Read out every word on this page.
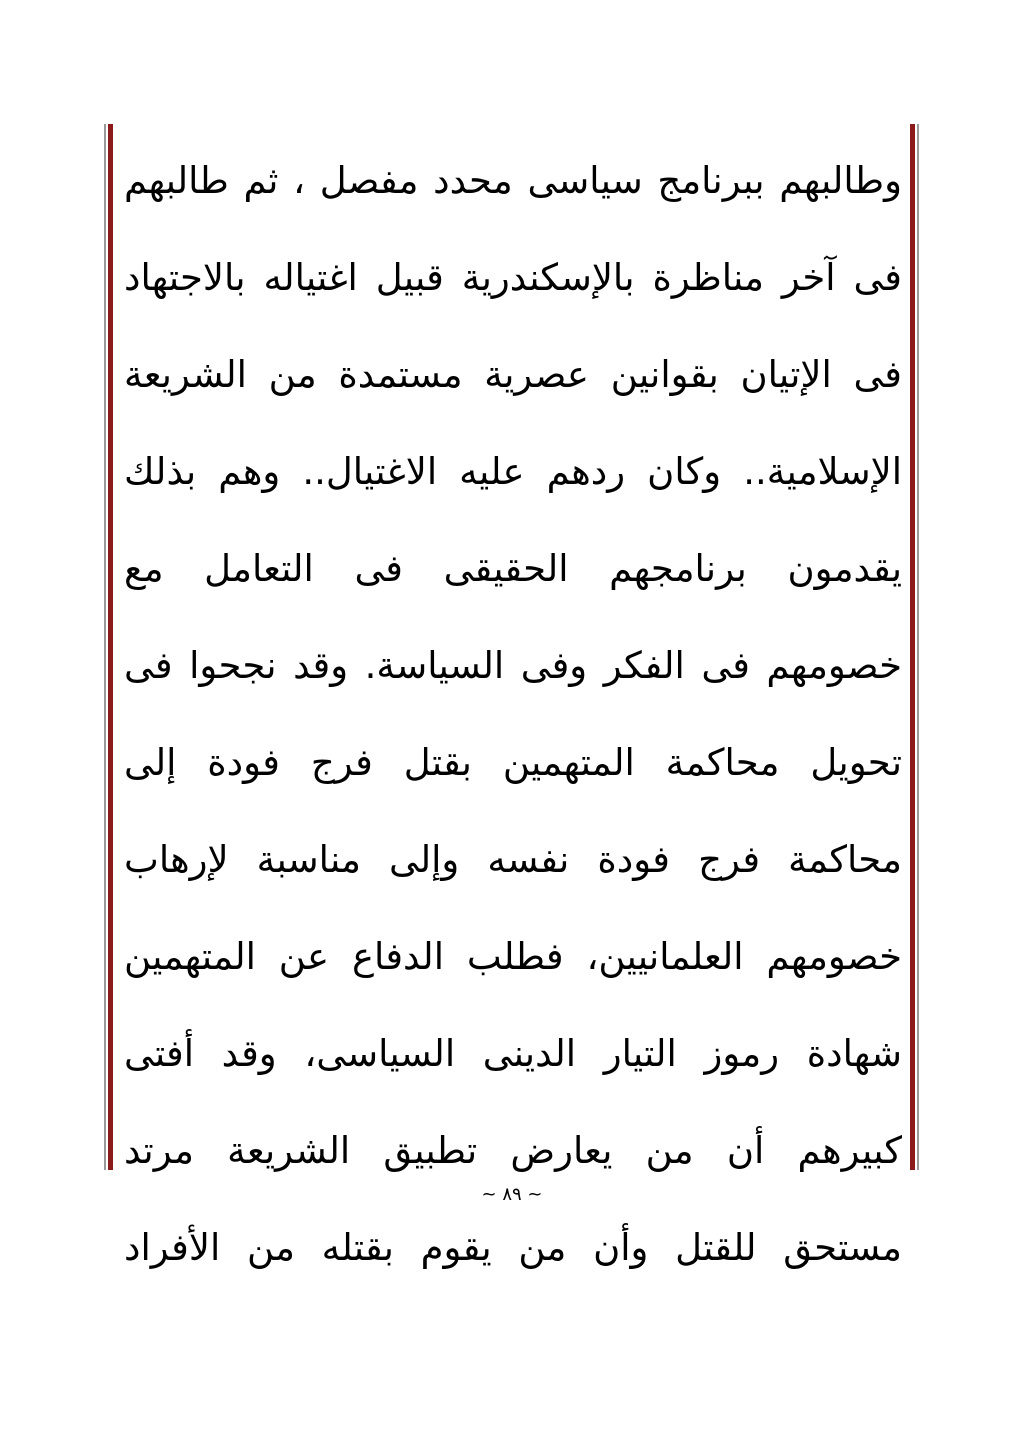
وطالبهم ببرنامج سياسى محدد مفصل ، ثم طالبهم
فى آخر مناظرة بالإسكندرية قبيل اغتياله بالاجتهاد
فى الإتيان بقوانين عصرية مستمدة من الشريعة
الإسلامية.. وكان ردهم عليه الاغتيال.. وهم بذلك
يقدمون برنامجهم الحقيقى فى التعامل مع
خصومهم فى الفكر وفى السياسة. وقد نجحوا فى
تحويل محاكمة المتهمين بقتل فرج فودة إلى
محاكمة فرج فودة نفسه وإلى مناسبة لإرهاب
خصومهم العلمانيين، فطلب الدفاع عن المتهمين
شهادة رموز التيار الدينى السياسى، وقد أفتى
كبيرهم أن من يعارض تطبيق الشريعة مرتد
مستحق للقتل وأن من يقوم بقتله من الأفراد
~ ٨٩ ~
